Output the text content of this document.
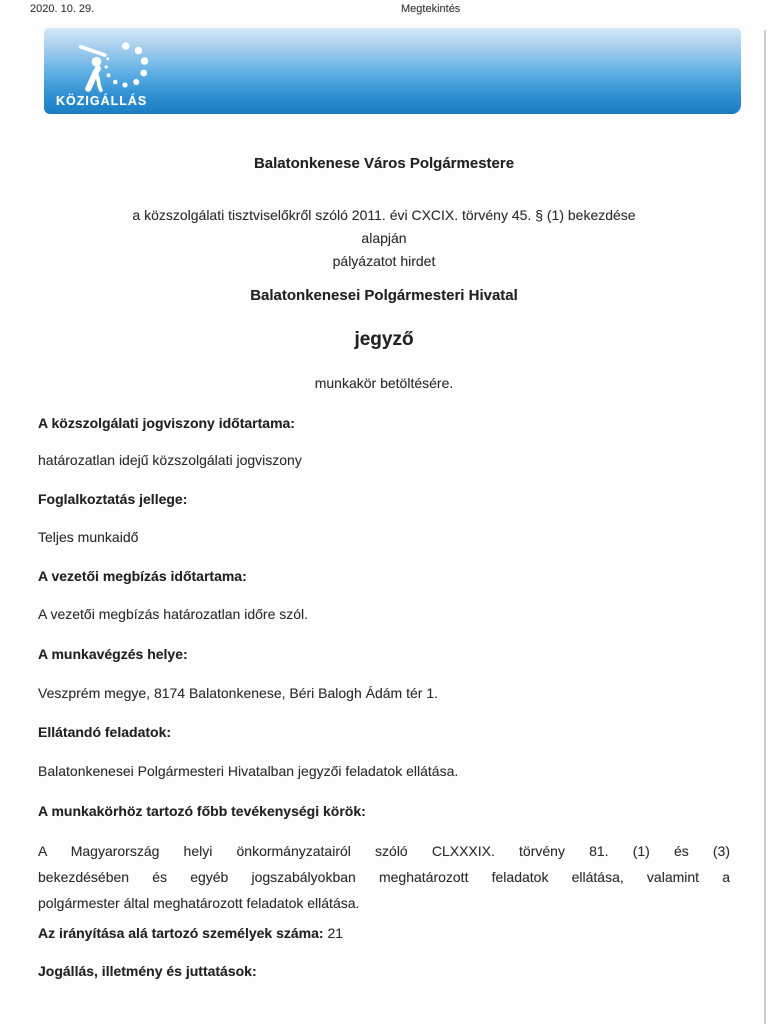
2020. 10. 29.	Megtekintés
KÖZIGÁLLÁS
Balatonkenese Város Polgármestere
a közszolgálati tisztviselőkről szóló 2011. évi CXCIX. törvény 45. § (1) bekezdése
alapján
pályázatot hirdet
Balatonkenesei Polgármesteri Hivatal
jegyző
munkakör betöltésére.
A közszolgálati jogviszony időtartama:
határozatlan idejű közszolgálati jogviszony
Foglalkoztatás jellege:
Teljes munkaidő
A vezetői megbízás időtartama:
A vezetői megbízás határozatlan időre szól.
A munkavégzés helye:
Veszprém megye, 8174 Balatonkenese, Béri Balogh Ádám tér 1.
Ellátandó feladatok:
Balatonkenesei Polgármesteri Hivatalban jegyzői feladatok ellátása.
A munkakörhöz tartozó főbb tevékenységi körök:
A Magyarország helyi önkormányzatairól szóló CLXXXIX. törvény 81. (1) és (3)
bekezdésében és egyéb jogszabályokban meghatározott feladatok ellátása, valamint a
polgármester által meghatározott feladatok ellátása.
Az irányítása alá tartozó személyek száma: 21
Jogállás, illetmény és juttatások:
